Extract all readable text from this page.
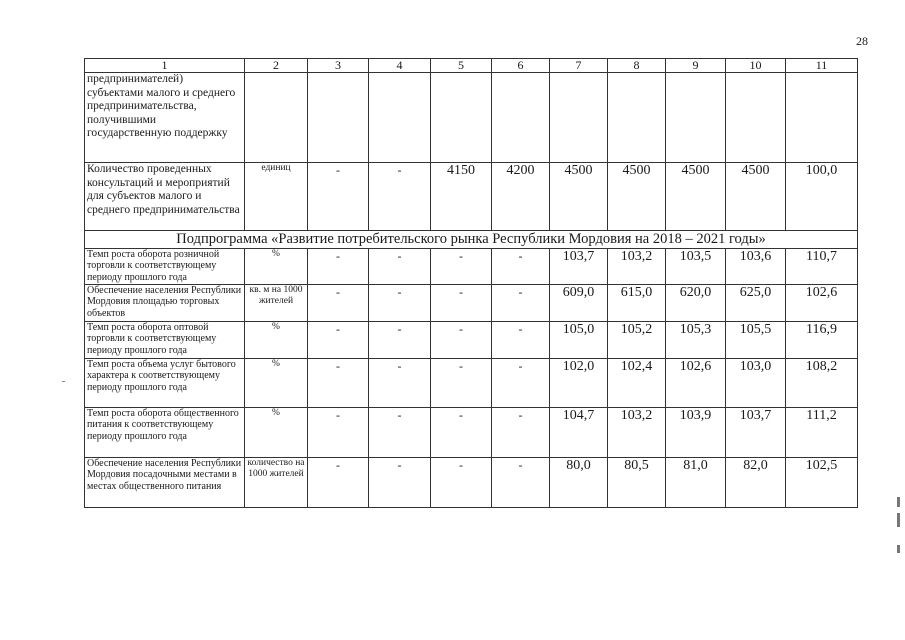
28
1	2	3	4	5	6	7	8	9	10	11
предпринимателей) субъектами малого и среднего предпринимательства, получившими государственную поддержку										
Количество проведенных консультаций и мероприятий для субъектов малого и среднего предпринимательства	единиц	-	-	4150	4200	4500	4500	4500	4500	100,0
Подпрограмма «Развитие потребительского рынка Республики Мордовия на 2018 – 2021 годы»										
Темп роста оборота розничной торговли к соответствующему периоду прошлого года	%	-	-	-	-	103,7	103,2	103,5	103,6	110,7
Обеспечение населения Республики Мордовия площадью торговых объектов	кв. м на 1000 жителей	-	-	-	-	609,0	615,0	620,0	625,0	102,6
Темп роста оборота оптовой торговли к соответствующему периоду прошлого года	%	-	-	-	-	105,0	105,2	105,3	105,5	116,9
Темп роста объема услуг бытового характера к соответствующему периоду прошлого года	%	-	-	-	-	102,0	102,4	102,6	103,0	108,2
Темп роста оборота общественного питания к соответствующему периоду прошлого года	%	-	-	-	-	104,7	103,2	103,9	103,7	111,2
Обеспечение населения Республики Мордовия посадочными местами в местах общественного питания	количество на 1000 жителей	-	-	-	-	80,0	80,5	81,0	82,0	102,5
